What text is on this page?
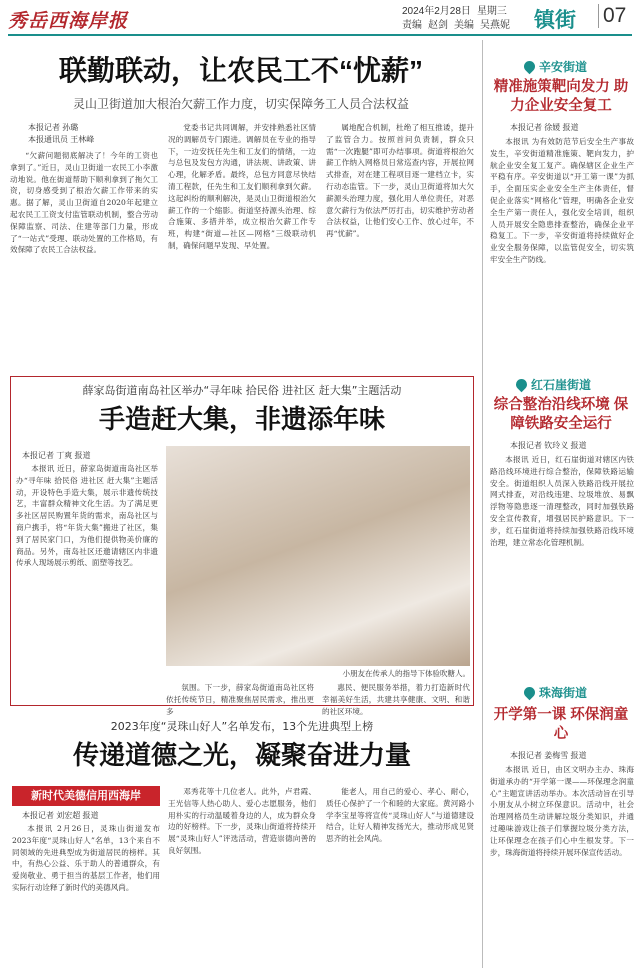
秀岳西海岸报	2024年2月28日 星期三
责编 赵剑 美编 吴燕妮 镇街 07
联勤联动，让农民工不“忧薪”
灵山卫街道加大根治欠薪工作力度，切实保障务工人员合法权益
本报记者 孙璐
本报通讯员 王林峰

“欠薪问题彻底解决了！今年的工资也拿到了。”近日，灵山卫街道一农民工小李激动地说。他在街道帮助下顺利拿到了拖欠工资，切身感受到了根治欠薪工作带来的实惠。据了解，灵山卫街道自2020年起建立起农民工工资支付监管联动机制，整合劳动保障监察、司法、住建等部门力量，形成了“一站式”受理、联动处置的工作格局，有效保障了农民工合法权益。

党委书记共同调解，并安排熟悉社区情况的调解员专门跟进。调解员在专业的指导下，一边安抚任先生和工友们的情绪，一边与总包及发包方沟通，讲法规、讲政策、讲心理，化解矛盾。最终，总包方同意尽快结清工程款，任先生和工友们顺利拿到欠薪。这起纠纷的顺利解决，是灵山卫街道根治欠薪工作的一个缩影。街道坚持源头治理、综合施策、多措并举，成立根治欠薪工作专班，构建“街道—社区—网格”三级联动机制，确保问题早发现、早处置。

属地配合机制，杜绝了相互推诿，提升了监管合力。按照首问负责制，群众只需“一次跑腿”即可办结事项。街道将根治欠薪工作纳入网格员日常巡查内容，开展拉网式排查，对在建工程项目逐一建档立卡，实行动态监管。下一步，灵山卫街道将加大欠薪源头治理力度，强化用人单位责任，对恶意欠薪行为依法严厉打击，切实维护劳动者合法权益，让他们安心工作、放心过年，不再“忧薪”。

薛家岛街道南岛社区举办“寻年味 拾民俗 进社区 赶大集”主题活动
手造赶大集，非遗添年味
本报记者 丁爽 报道

本报讯 近日，薛家岛街道南岛社区举办“寻年味 拾民俗 进社区 赶大集”主题活动，开设特色手造大集，展示非遗传统技艺，丰富群众精神文化生活。为了满足更多社区居民购置年货的需求，南岛社区与商户携手，将“年货大集”搬进了社区，集到了居民家门口，为他们提供物美价廉的商品。另外，南岛社区还邀请辖区内非遗传承人现场展示剪纸、面塑等技艺。

小朋友在传承人的指导下体验吹糖人。

氛围。下一步，薛家岛街道南岛社区将依托传统节日，精准聚焦居民需求，推出更多

惠民、便民服务举措，着力打造新时代幸福美好生活，共建共享健康、文明、和谐的社区环境。

2023年度“灵珠山好人”名单发布，13个先进典型上榜
传递道德之光，凝聚奋进力量
新时代美德信用西海岸
本报记者 刘宏超 报道

本报讯 2月26日，灵珠山街道发布2023年度“灵珠山好人”名单，13个来自不同领域的先进典型成为街道居民的榜样。其中，有热心公益、乐于助人的普通群众，有爱岗敬业、勇于担当的基层工作者，他们用实际行动诠释了新时代的美德风尚。

邓秀花等十几位老人。此外，卢君霞、王光信等人热心助人、爱心志愿服务，他们用朴实的行动温暖着身边的人，成为群众身边的好榜样。下一步，灵珠山街道将持续开展“灵珠山好人”评选活动，营造崇德向善的良好氛围。

能老人，用自己的爱心、孝心、耐心，质任心保护了一个和睦的大家庭。黄河路小学李宝星等将宣传“灵珠山好人”与道德建设结合，让好人精神发扬光大，推动形成见贤思齐的社会风尚。

辛安街道
精准施策靶向发力 助力企业安全复工
本报记者 徐媛 报道

本报讯 为有效防范节后安全生产事故发生，辛安街道精准施策、靶向发力，护航企业安全复工复产。确保辖区企业生产平稳有序。辛安街道以“开工第一课”为抓手，全面压实企业安全生产主体责任，督促企业落实“网格化”管理，明确各企业安全生产第一责任人，强化安全培训，组织人员开展安全隐患排查整治，确保企业平稳复工。下一步，辛安街道将持续做好企业安全服务保障，以监管促安全，切实筑牢安全生产防线。

红石崖街道
综合整治沿线环境 保障铁路安全运行
本报记者 钦玲义 报道

本报讯 近日，红石崖街道对辖区内铁路沿线环境进行综合整治，保障铁路运输安全。街道组织人员深入铁路沿线开展拉网式排查，对沿线违建、垃圾堆放、易飘浮物等隐患逐一清理整改，同时加强铁路安全宣传教育，增强居民护路意识。下一步，红石崖街道将持续加强铁路沿线环境治理，建立常态化管理机制。

珠海街道
开学第一课 环保润童心
本报记者 姜梅雪 报道

本报讯 近日，由区文明办主办、珠海街道承办的“开学第一课——环保理念润童心”主题宣讲活动举办。本次活动旨在引导小朋友从小树立环保意识。活动中，社会治理网格员生动讲解垃圾分类知识，并通过趣味游戏让孩子们掌握垃圾分类方法，让环保理念在孩子们心中生根发芽。下一步，珠海街道将持续开展环保宣传活动。
